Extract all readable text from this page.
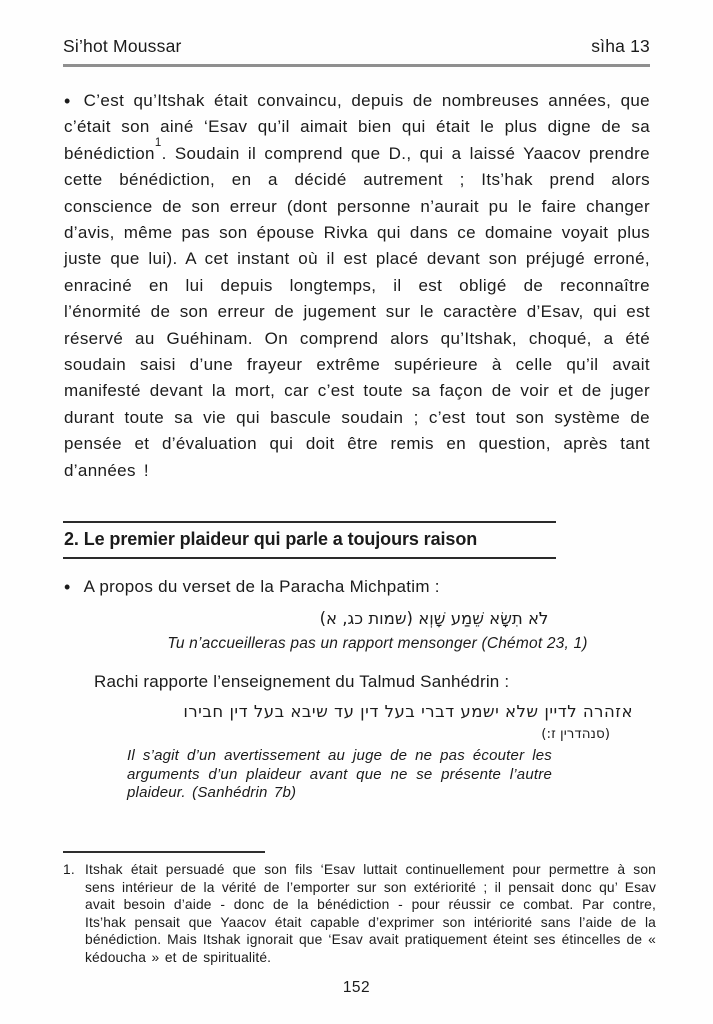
Si’hot Moussar	sìha 13

• C’est qu’Itshak était convaincu, depuis de nombreuses années, que c’était son ainé ‘Esav qu’il aimait bien qui était le plus digne de sa bénédiction$^1$. Soudain il comprend que D., qui a laissé Yaacov prendre cette bénédiction, en a décidé autrement ; Its’hak prend alors conscience de son erreur (dont personne n’aurait pu le faire changer d’avis, même pas son épouse Rivka qui dans ce domaine voyait plus juste que lui). A cet instant où il est placé devant son préjugé erroné, enraciné en lui depuis longtemps, il est obligé de reconnaître l’énormité de son erreur de jugement sur le caractère d’Esav, qui est réservé au Guéhinam. On comprend alors qu’Itshak, choqué, a été soudain saisi d’une frayeur extrême supérieure à celle qu’il avait manifesté devant la mort, car c’est toute sa façon de voir et de juger durant toute sa vie qui bascule soudain ; c’est tout son système de pensée et d’évaluation qui doit être remis en question, après tant d’années !

2. Le premier plaideur qui parle a toujours raison

• A propos du verset de la Paracha Michpatim :

לֹא תִשָּׂא שֵׁמַע שָׁוְא (שמות כג, א)
Tu n’accueilleras pas un rapport mensonger (Chémot 23, 1)

Rachi rapporte l’enseignement du Talmud Sanhédrin :

אזהרה לדיין שלא ישמע דברי בעל דין עד שיבא בעל דין חבירו
(סנהדרין ז:)

Il s’agit d’un avertissement au juge de ne pas écouter les arguments d’un plaideur avant que ne se présente l’autre plaideur. (Sanhédrin 7b)

1. Itshak était persuadé que son fils ‘Esav luttait continuellement pour permettre à son sens intérieur de la vérité de l’emporter sur son extériorité ; il pensait donc qu’ Esav avait besoin d’aide - donc de la bénédiction - pour réussir ce combat. Par contre, Its’hak pensait que Yaacov était capable d’exprimer son intériorité sans l’aide de la bénédiction. Mais Itshak ignorait que ‘Esav avait pratiquement éteint ses étincelles de « kédoucha » et de spiritualité.
152
